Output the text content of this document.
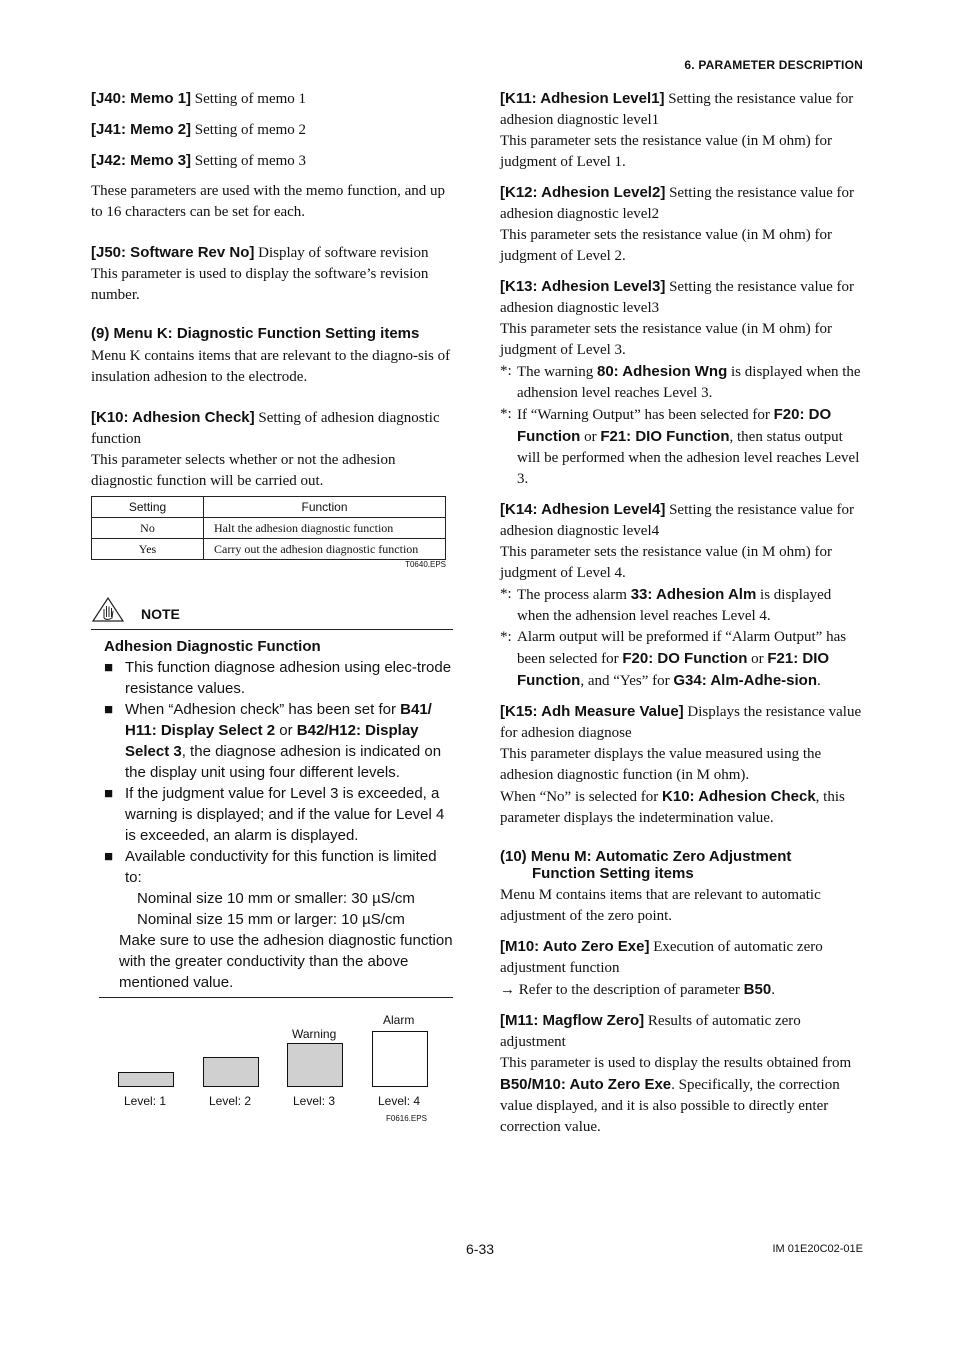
6. PARAMETER DESCRIPTION

[J40: Memo 1] Setting of memo 1

[J41: Memo 2] Setting of memo 2

[J42: Memo 3] Setting of memo 3

These parameters are used with the memo function, and up to 16 characters can be set for each.

[J50: Software Rev No] Display of software revision

This parameter is used to display the software’s revision number.

(9) Menu K: Diagnostic Function Setting items

Menu K contains items that are relevant to the diagno-sis of insulation adhesion to the electrode.

[K10: Adhesion Check] Setting of adhesion diagnostic function

This parameter selects whether or not the adhesion diagnostic function will be carried out.

Setting	Function
No	Halt the adhesion diagnostic function
Yes	Carry out the adhesion diagnostic function
T0640.EPS
NOTE

Adhesion Diagnostic Function

■ This function diagnose adhesion using elec-trode resistance values.
■ When “Adhesion check” has been set for B41/ H11: Display Select 2 or B42/H12: Display Select 3, the diagnose adhesion is indicated on the display unit using four different levels.
■ If the judgment value for Level 3 is exceeded, a warning is displayed; and if the value for Level 4 is exceeded, an alarm is displayed.
■ Available conductivity for this function is limited to:

Nominal size 10 mm or smaller: 30 µS/cm

Nominal size 15 mm or larger: 10 µS/cm

Make sure to use the adhesion diagnostic function with the greater conductivity than the above mentioned value.

Warning
Alarm
Level: 1	Level: 2	Level: 3	Level: 4
F0616.EPS

[K11: Adhesion Level1] Setting the resistance value for adhesion diagnostic level1

This parameter sets the resistance value (in M ohm) for judgment of Level 1.

[K12: Adhesion Level2] Setting the resistance value for adhesion diagnostic level2

This parameter sets the resistance value (in M ohm) for judgment of Level 2.

[K13: Adhesion Level3] Setting the resistance value for adhesion diagnostic level3

This parameter sets the resistance value (in M ohm) for judgment of Level 3.

*: The warning 80: Adhesion Wng is displayed when the adhension level reaches Level 3.
*: If “Warning Output” has been selected for F20: DO Function or F21: DIO Function, then status output will be performed when the adhesion level reaches Level 3.

[K14: Adhesion Level4] Setting the resistance value for adhesion diagnostic level4

This parameter sets the resistance value (in M ohm) for judgment of Level 4.

*: The process alarm 33: Adhesion Alm is displayed when the adhension level reaches Level 4.
*: Alarm output will be preformed if “Alarm Output” has been selected for F20: DO Function or F21: DIO Function, and “Yes” for G34: Alm-Adhe-sion.

[K15: Adh Measure Value] Displays the resistance value for adhesion diagnose

This parameter displays the value measured using the adhesion diagnostic function (in M ohm).

When “No” is selected for K10: Adhesion Check, this parameter displays the indetermination value.

(10) Menu M: Automatic Zero Adjustment

Function Setting items

Menu M contains items that are relevant to automatic adjustment of the zero point.

[M10: Auto Zero Exe] Execution of automatic zero adjustment function

→ Refer to the description of parameter B50.

[M11: Magflow Zero] Results of automatic zero adjustment

This parameter is used to display the results obtained from B50/M10: Auto Zero Exe. Specifically, the correction value displayed, and it is also possible to directly enter correction value.

6-33	IM 01E20C02-01E
